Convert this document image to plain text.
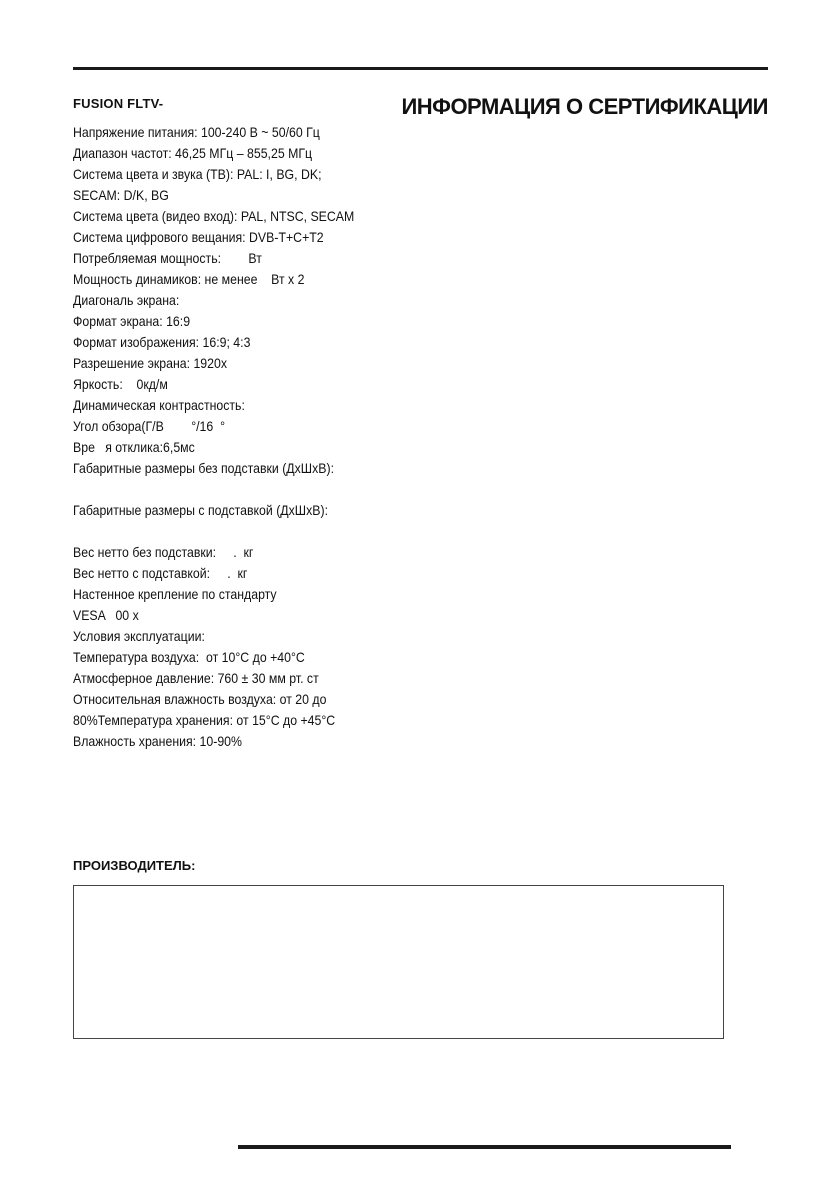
FUSION FLTV-	ИНФОРМАЦИЯ О СЕРТИФИКАЦИИ
Напряжение питания: 100-240 В ~ 50/60 Гц
Диапазон частот: 46,25 МГц – 855,25 МГц
Система цвета и звука (ТВ): PAL: I, BG, DK;
SECAM: D/K, BG
Система цвета (видео вход): PAL, NTSC, SECAM
Система цифрового вещания: DVB-T+C+T2
Потребляемая мощность:        Вт
Мощность динамиков: не менее    Вт х 2
Диагональ экрана:
Формат экрана: 16:9
Формат изображения: 16:9; 4:3
Разрешение экрана: 1920х
Яркость:    0кд/м
Динамическая контрастность:
Угол обзора(Г/В        °/16  °
Вре   я отклика:6,5мс
Габаритные размеры без подставки (ДхШхВ):
Габаритные размеры с подставкой (ДхШхВ):
Вес нетто без подставки:     .  кг
Вес нетто с подставкой:     .  кг
Настенное крепление по стандарту
VESA   00 х
Условия эксплуатации:
Температура воздуха:  от 10°С до +40°С
Атмосферное давление: 760 ± 30 мм рт. ст
Относительная влажность воздуха: от 20 до
80%Температура хранения: от 15°С до +45°С
Влажность хранения: 10-90%
ПРОИЗВОДИТЕЛЬ:
